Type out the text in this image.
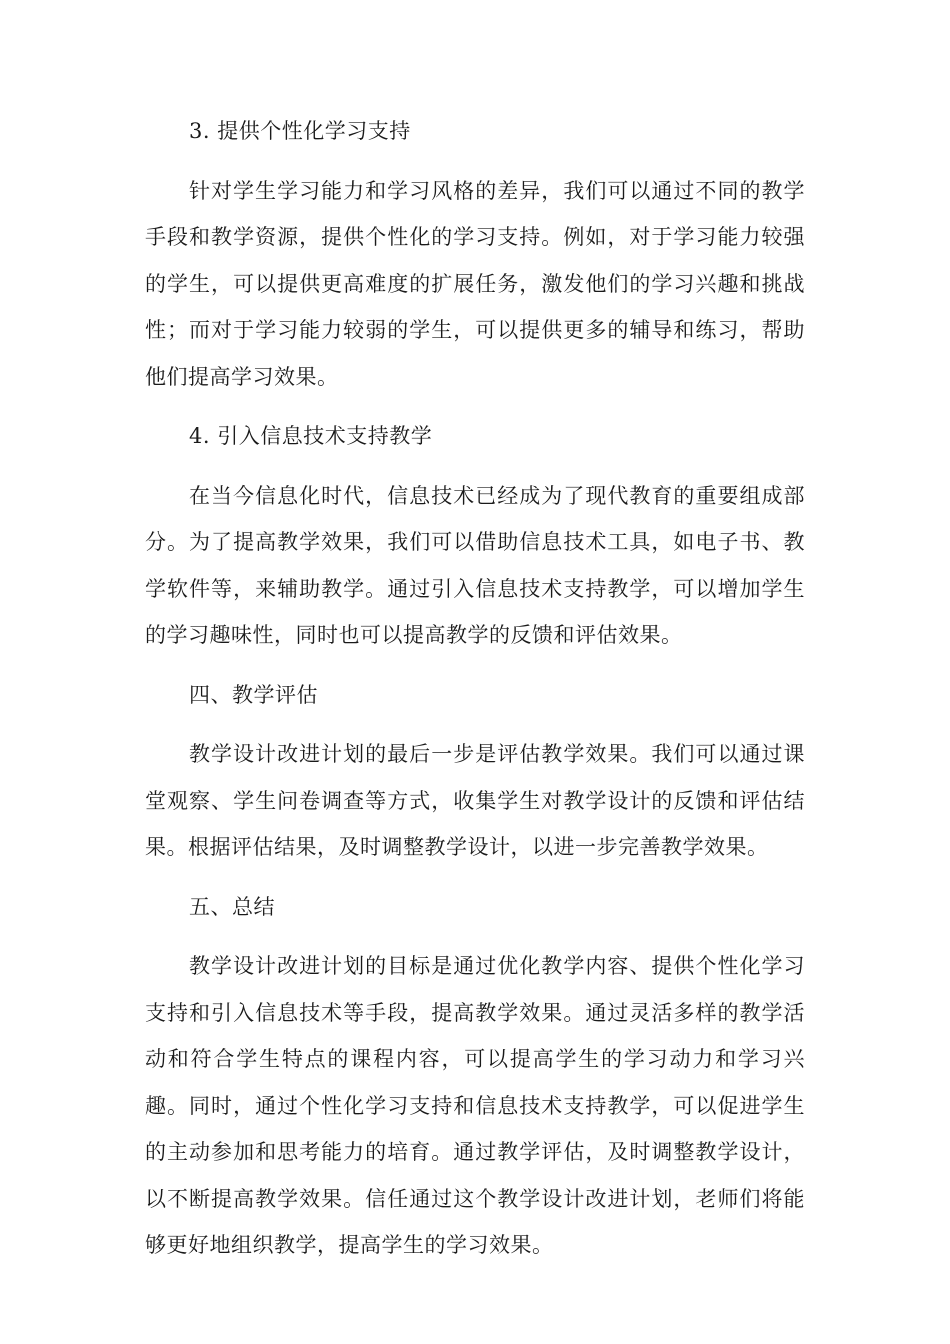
3. 提供个性化学习支持

针对学生学习能力和学习风格的差异，我们可以通过不同的教学手段和教学资源，提供个性化的学习支持。例如，对于学习能力较强的学生，可以提供更高难度的扩展任务，激发他们的学习兴趣和挑战性；而对于学习能力较弱的学生，可以提供更多的辅导和练习，帮助他们提高学习效果。

4. 引入信息技术支持教学

在当今信息化时代，信息技术已经成为了现代教育的重要组成部分。为了提高教学效果，我们可以借助信息技术工具，如电子书、教学软件等，来辅助教学。通过引入信息技术支持教学，可以增加学生的学习趣味性，同时也可以提高教学的反馈和评估效果。

四、教学评估

教学设计改进计划的最后一步是评估教学效果。我们可以通过课堂观察、学生问卷调查等方式，收集学生对教学设计的反馈和评估结果。根据评估结果，及时调整教学设计，以进一步完善教学效果。

五、总结

教学设计改进计划的目标是通过优化教学内容、提供个性化学习支持和引入信息技术等手段，提高教学效果。通过灵活多样的教学活动和符合学生特点的课程内容，可以提高学生的学习动力和学习兴趣。同时，通过个性化学习支持和信息技术支持教学，可以促进学生的主动参加和思考能力的培育。通过教学评估，及时调整教学设计，以不断提高教学效果。信任通过这个教学设计改进计划，老师们将能够更好地组织教学，提高学生的学习效果。
